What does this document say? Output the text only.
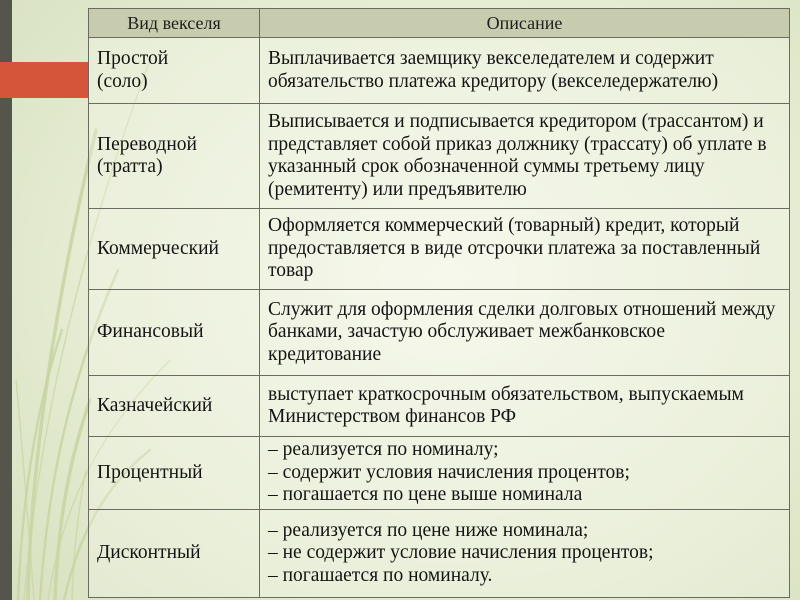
Вид векселя	Описание
Простой
(соло)
Выплачивается заемщику векселедателем и содержит
обязательство платежа кредитору (векселедержателю)
Переводной
(тратта)
Выписывается и подписывается кредитором (трассантом) и
представляет собой приказ должнику (трассату) об уплате в
указанный срок обозначенной суммы третьему лицу
(ремитенту) или предъявителю
Коммерческий
Оформляется коммерческий (товарный) кредит, который
предоставляется в виде отсрочки платежа за поставленный
товар
Финансовый
Служит для оформления сделки долговых отношений между
банками, зачастую обслуживает межбанковское
кредитование
Казначейский
выступает краткосрочным обязательством, выпускаемым
Министерством финансов РФ
Процентный
– реализуется по номиналу;
– содержит условия начисления процентов;
– погашается по цене выше номинала
Дисконтный
– реализуется по цене ниже номинала;
– не содержит условие начисления процентов;
– погашается по номиналу.
